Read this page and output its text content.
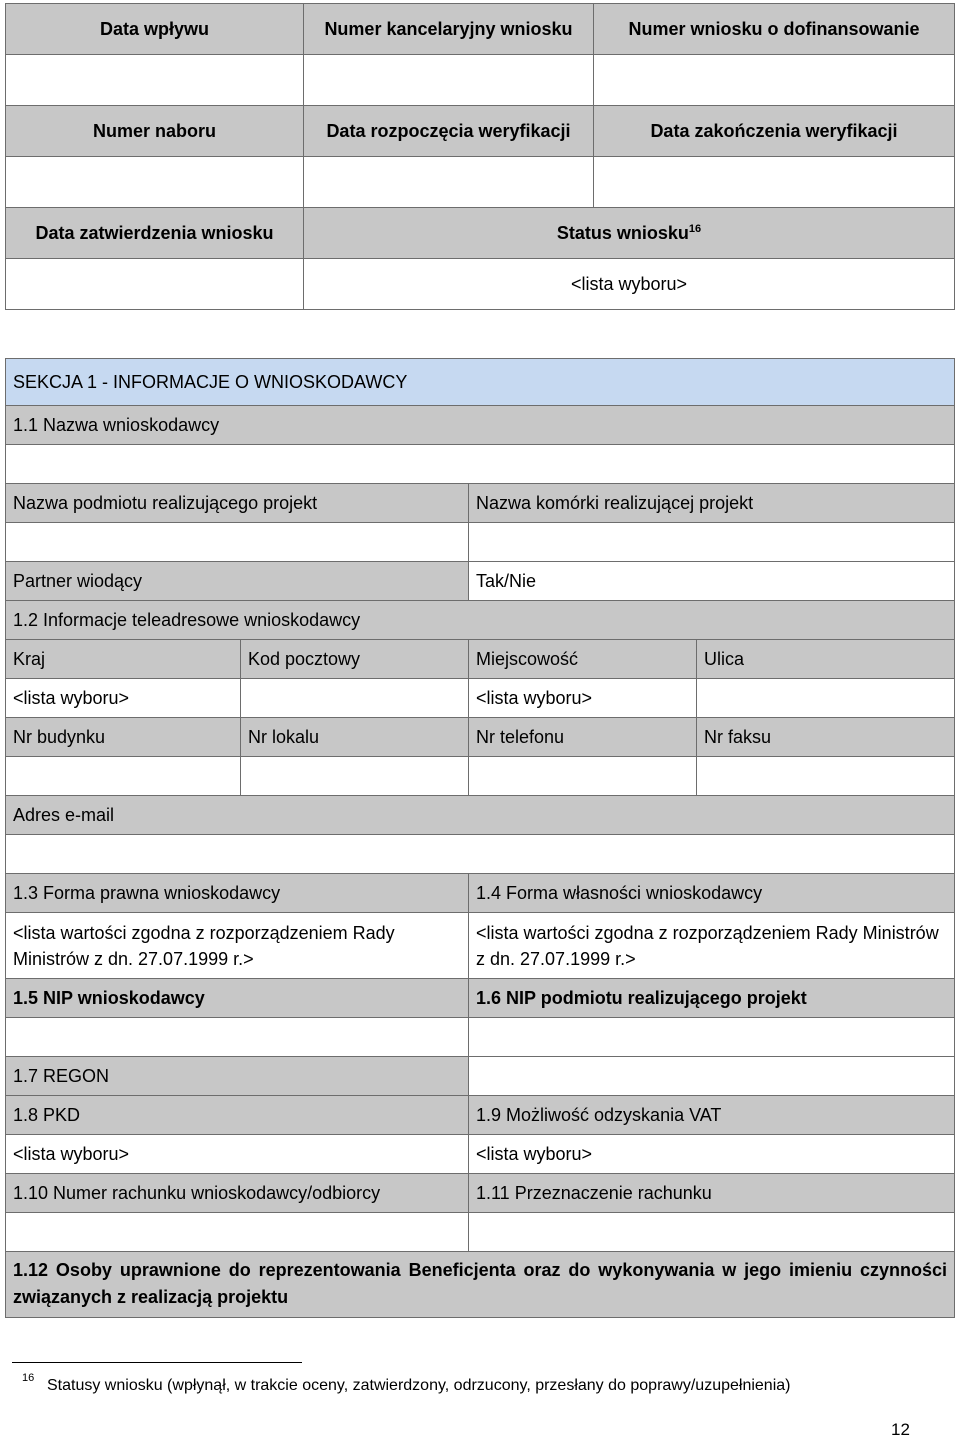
Data wpływu	Numer kancelaryjny wniosku	Numer wniosku o dofinansowanie

Numer naboru	Data rozpoczęcia weryfikacji	Data zakończenia weryfikacji

Data zatwierdzenia wniosku	Status wniosku$^{16}$
	<lista wyboru>	
SEKCJA 1 - INFORMACJE O WNIOSKODAWCY			
1.1 Nazwa wnioskodawcy			

Nazwa podmiotu realizującego projekt		Nazwa komórki realizującej projekt	

Partner wiodący		Tak/Nie	
1.2 Informacje teleadresowe wnioskodawcy			
Kraj	Kod pocztowy	Miejscowość	Ulica
<lista wyboru>		<lista wyboru>	
Nr budynku	Nr lokalu	Nr telefonu	Nr faksu

Adres e-mail			

1.3 Forma prawna wnioskodawcy		1.4 Forma własności wnioskodawcy	
<lista wartości zgodna z rozporządzeniem Rady Ministrów z dn. 27.07.1999 r.>		<lista wartości zgodna z rozporządzeniem Rady Ministrów z dn. 27.07.1999 r.>	
1.5 NIP wnioskodawcy		1.6 NIP podmiotu realizującego projekt	

1.7 REGON			
1.8 PKD		1.9 Możliwość odzyskania VAT	
<lista wyboru>		<lista wyboru>	
1.10 Numer rachunku wnioskodawcy/odbiorcy		1.11 Przeznaczenie rachunku	

1.12 Osoby uprawnione do reprezentowania Beneficjenta oraz do wykonywania w jego imieniu czynności związanych z realizacją projektu			
16 Statusy wniosku (wpłynął, w trakcie oceny, zatwierdzony, odrzucony, przesłany do poprawy/uzupełnienia)
12
